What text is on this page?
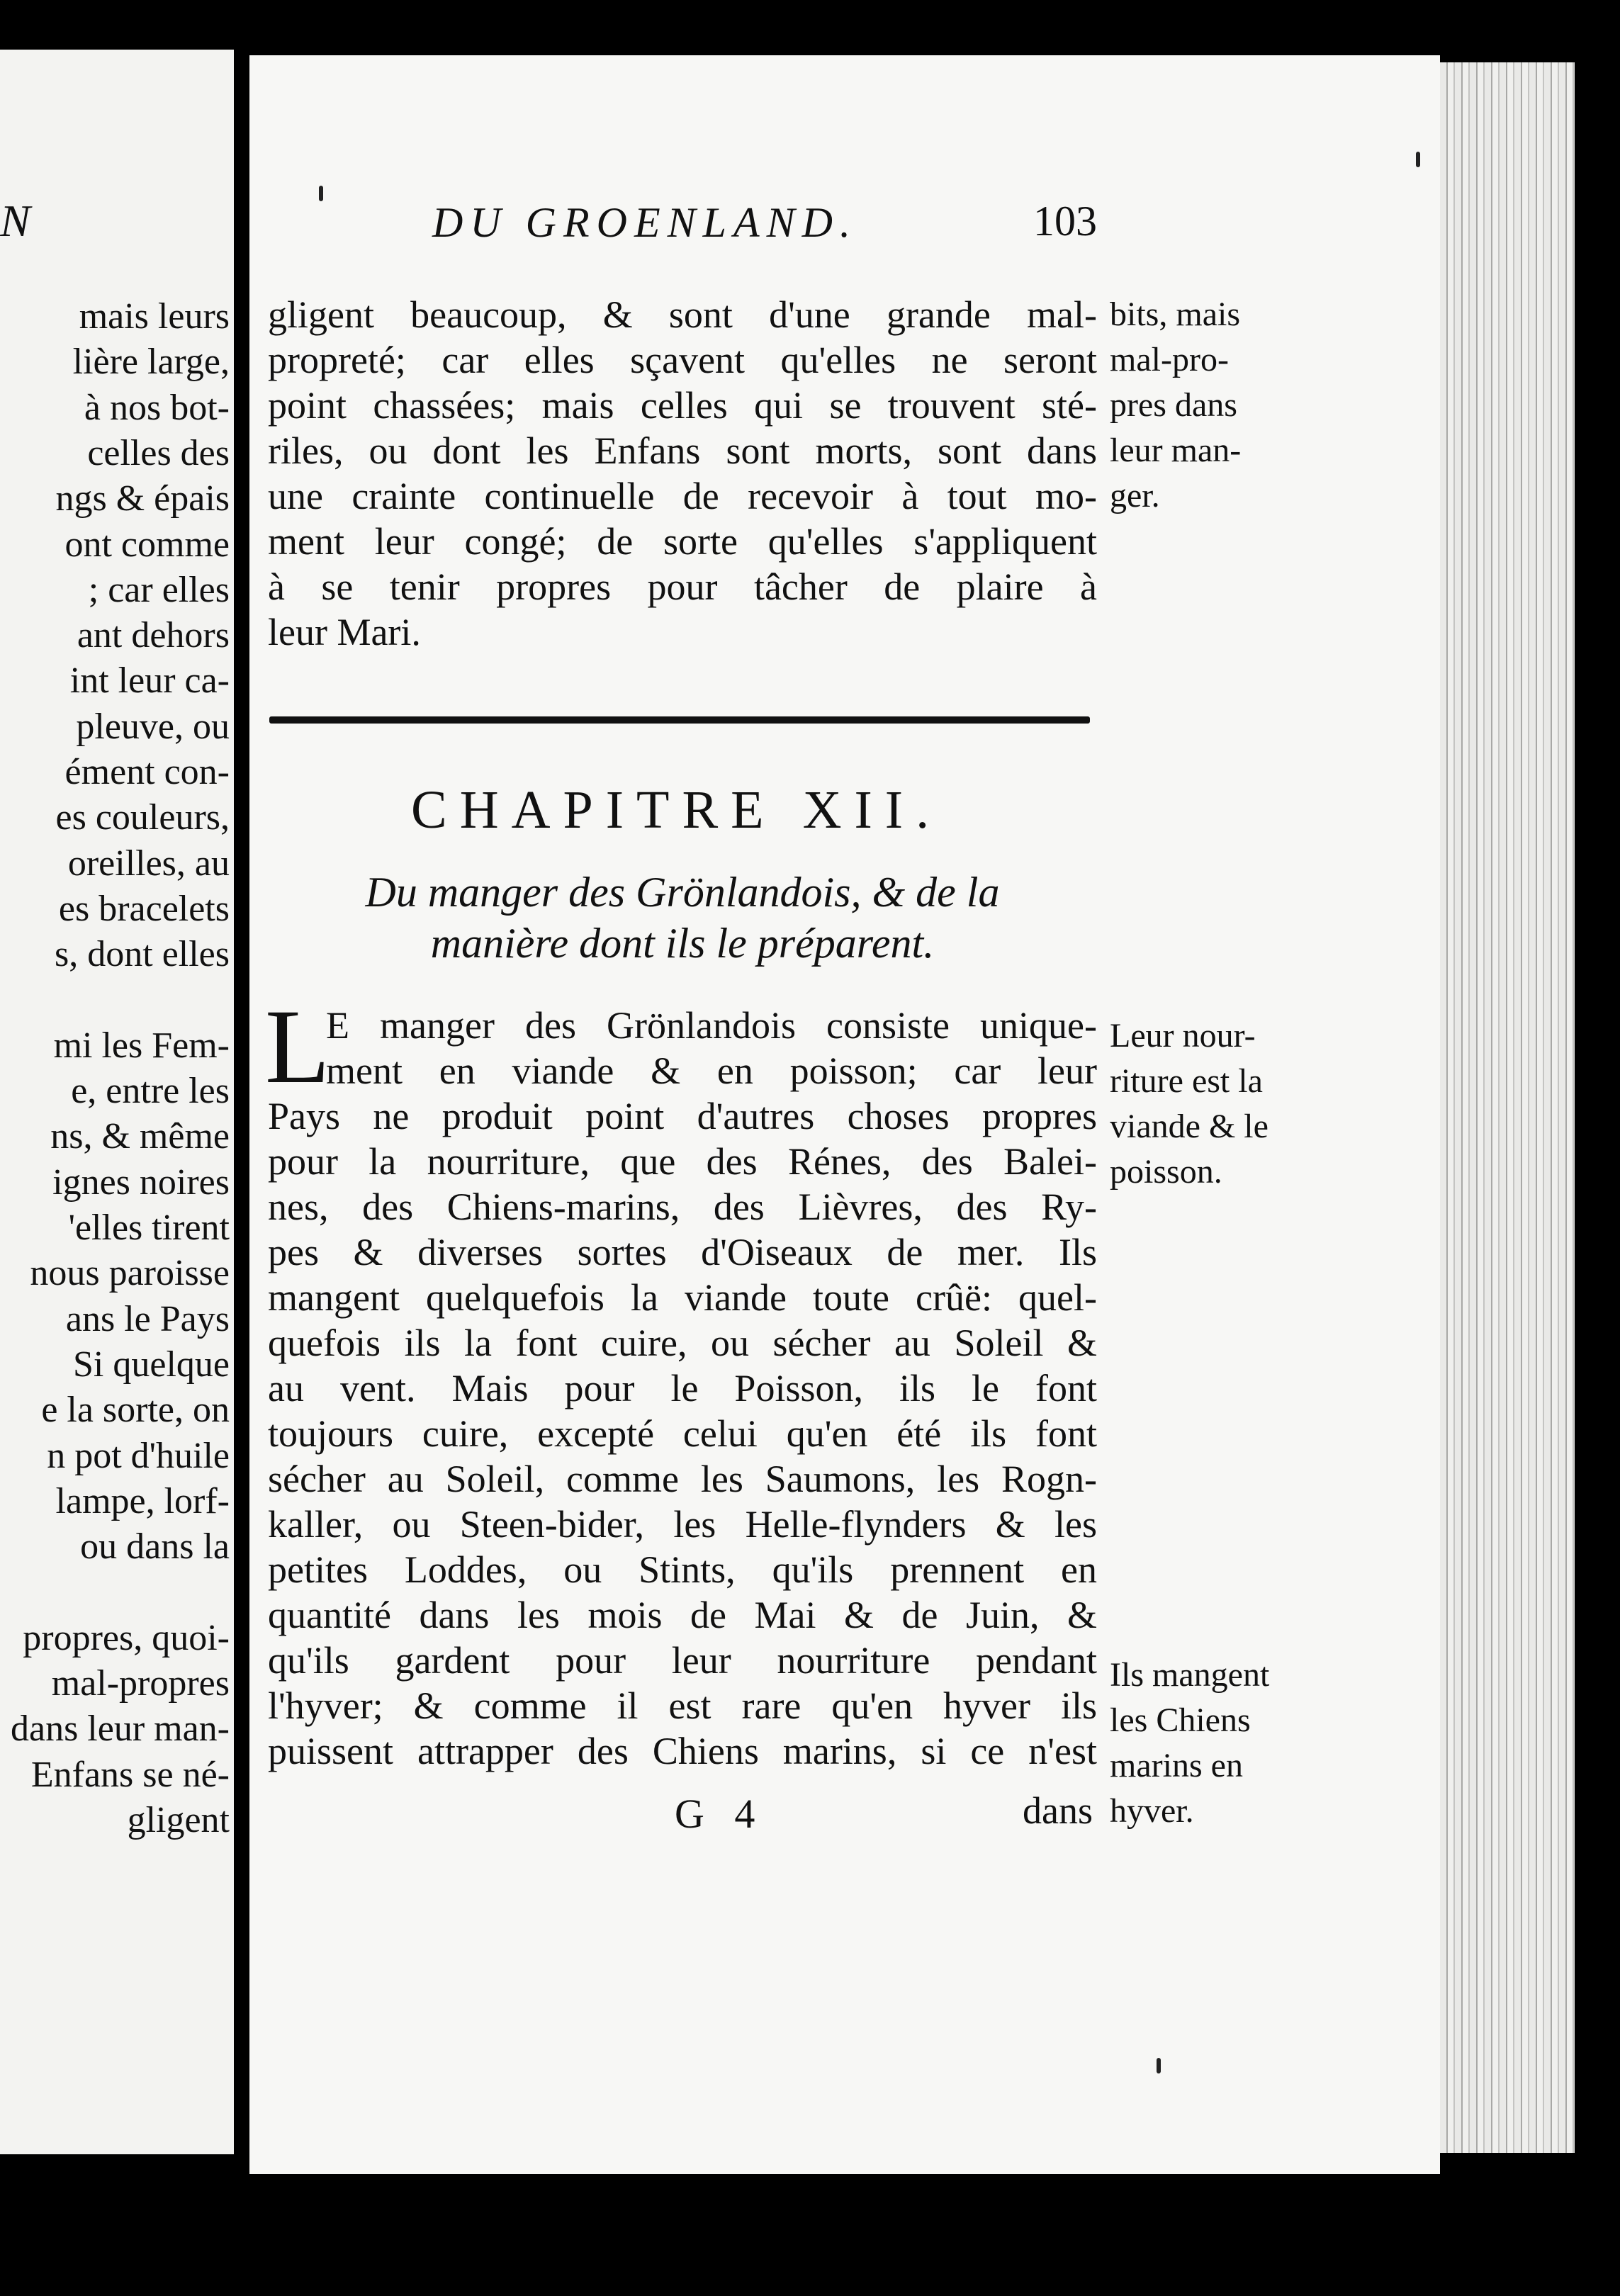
N
mais leurs
lière large,
à nos bot-
celles des
ngs & épais
ont comme
; car elles
ant dehors
int leur ca-
pleuve, ou
ément con-
es couleurs,
oreilles, au
es bracelets
s, dont elles
mi les Fem-
e, entre les
ns, & même
ignes noires
'elles tirent
nous paroisse
ans le Pays
Si quelque
e la sorte, on
n pot d'huile
lampe, lorf-
ou dans la
propres, quoi-
mal-propres
dans leur man-
Enfans se né-
gligent
DU GROENLAND.	103
gligent beaucoup, & sont d'une grande mal-
propreté; car elles sçavent qu'elles ne seront
point chassées; mais celles qui se trouvent sté-
riles, ou dont les Enfans sont morts, sont dans
une crainte continuelle de recevoir à tout mo-
ment leur congé; de sorte qu'elles s'appliquent
à se tenir propres pour tâcher de plaire à
leur Mari.
bits, mais
mal-pro-
pres dans
leur man-
ger.
CHAPITRE XII.
Du manger des Grönlandois, & de la
manière dont ils le préparent.
L
E manger des Grönlandois consiste unique-
ment en viande & en poisson; car leur
Pays ne produit point d'autres choses propres
pour la nourriture, que des Rénes, des Balei-
nes, des Chiens-marins, des Lièvres, des Ry-
pes & diverses sortes d'Oiseaux de mer. Ils
mangent quelquefois la viande toute crûë: quel-
quefois ils la font cuire, ou sécher au Soleil &
au vent. Mais pour le Poisson, ils le font
toujours cuire, excepté celui qu'en été ils font
sécher au Soleil, comme les Saumons, les Rogn-
kaller, ou Steen-bider, les Helle-flynders & les
petites Loddes, ou Stints, qu'ils prennent en
quantité dans les mois de Mai & de Juin, &
qu'ils gardent pour leur nourriture pendant
l'hyver; & comme il est rare qu'en hyver ils
puissent attrapper des Chiens marins, si ce n'est
Leur nour-
riture est la
viande & le
poisson.
Ils mangent
les Chiens
marins en
hyver.
G 4	dans
